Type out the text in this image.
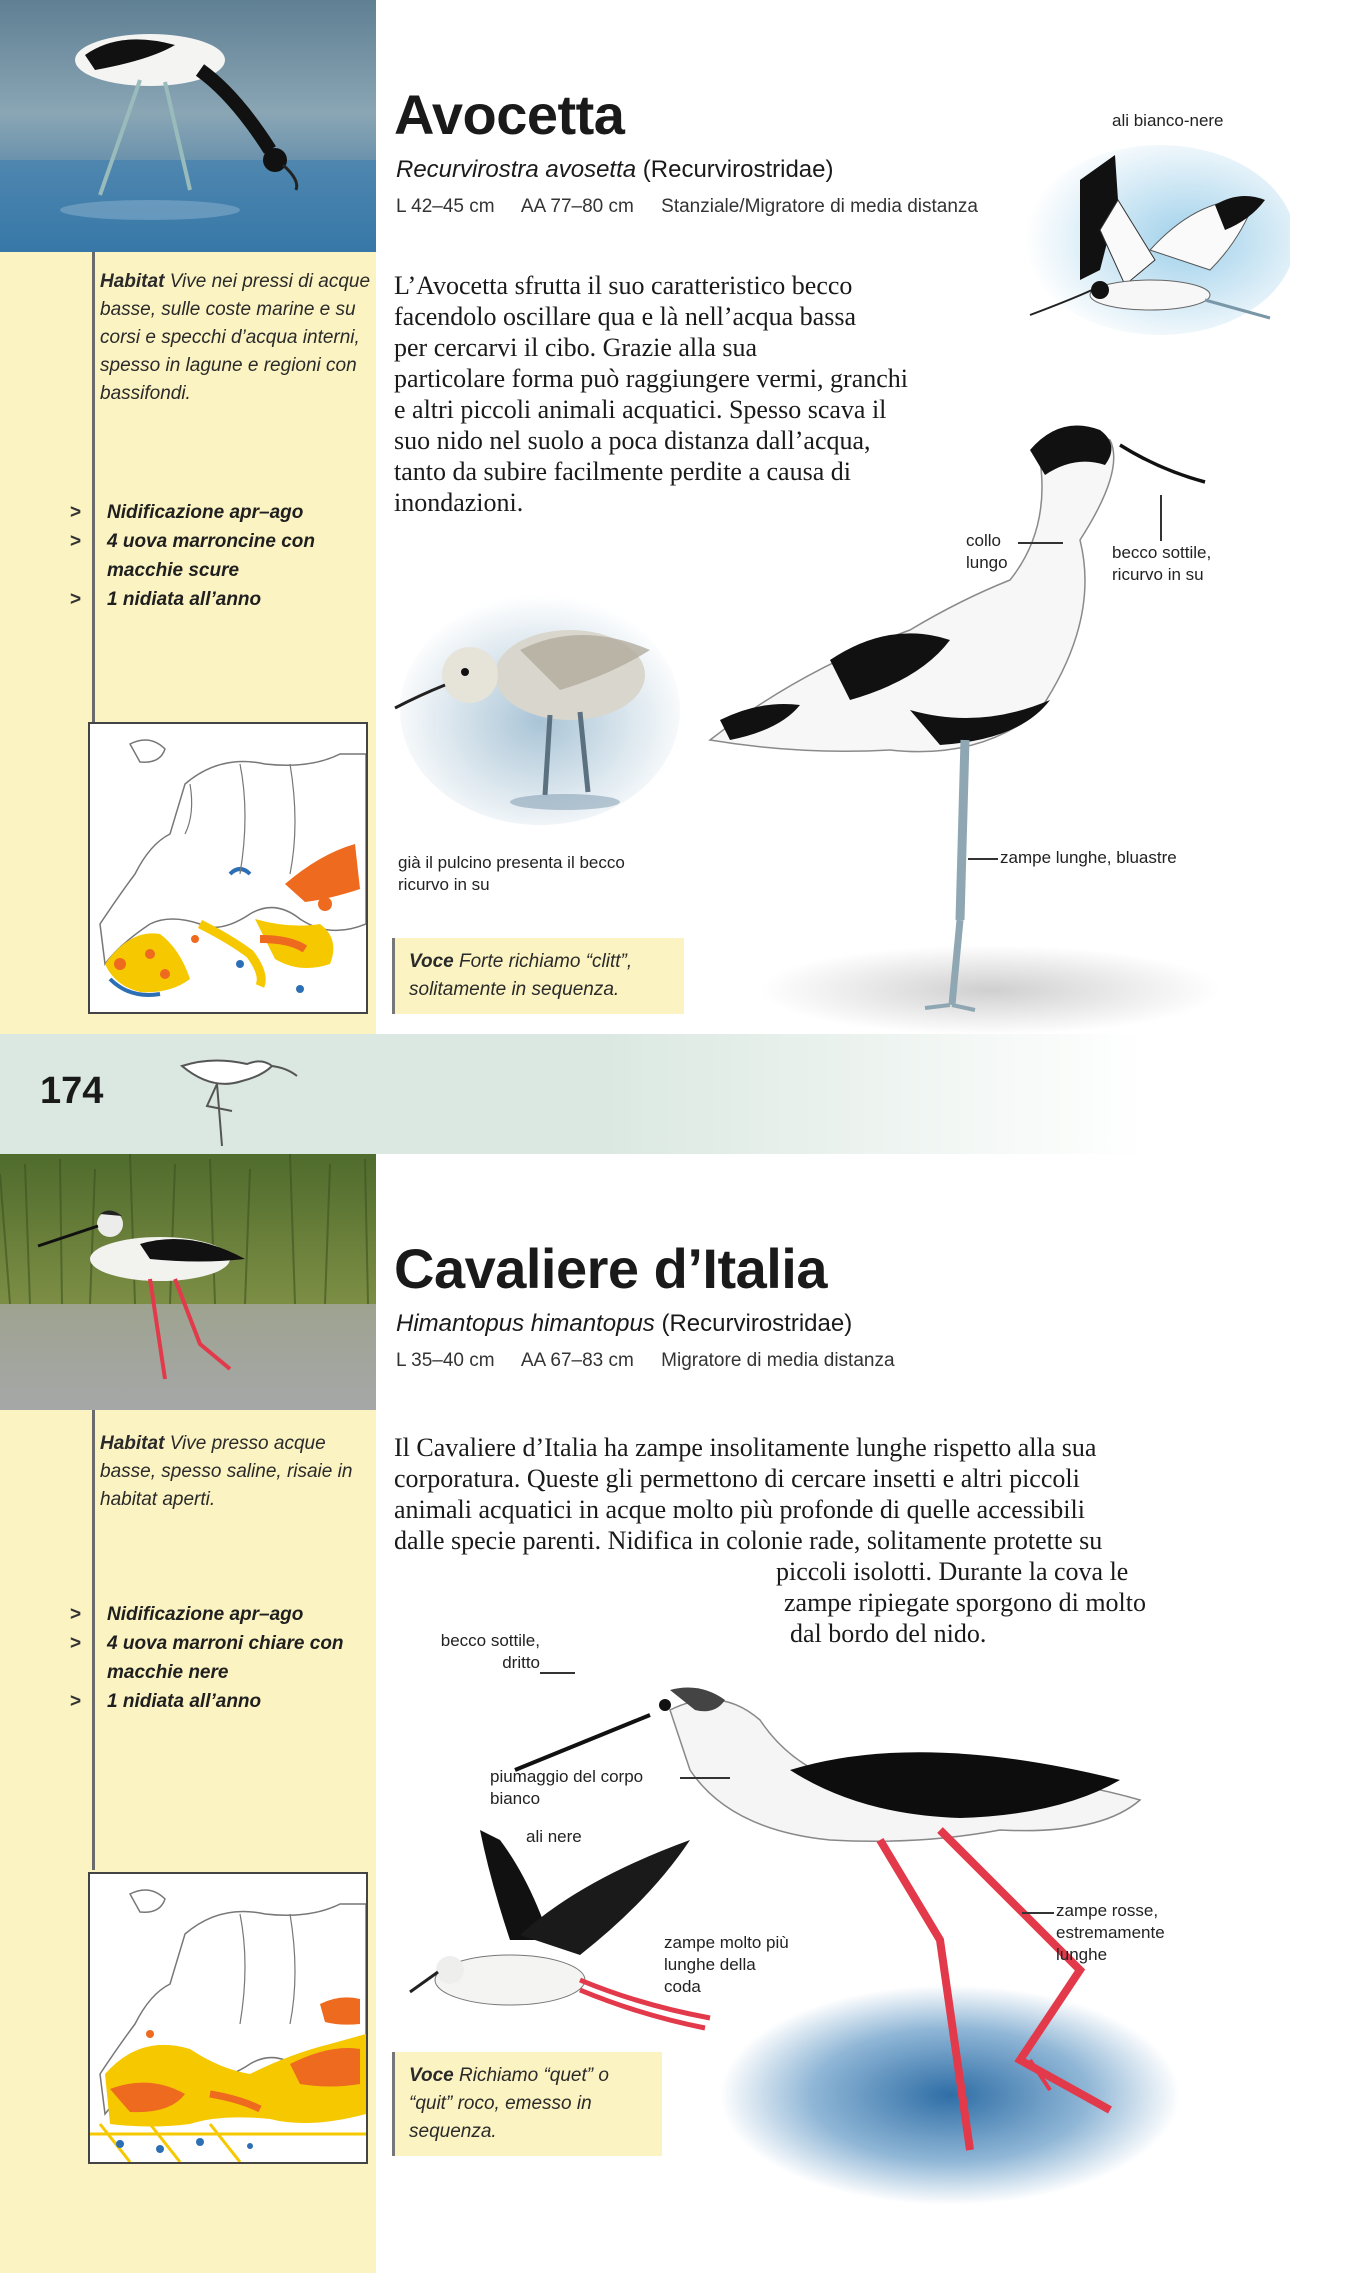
Habitat Vive nei pressi di acque basse, sulle coste marine e su corsi e specchi d’acqua interni, spesso in lagune e regioni con bassifondi.
> Nidificazione apr–ago
> 4 uova marroncine con macchie scure
> 1 nidiata all’anno
Avocetta
Recurvirostra avosetta (Recurvirostridae)
L 42–45 cm AA 77–80 cm Stanziale/Migratore di media distanza
L’Avocetta sfrutta il suo caratteristico becco
facendolo oscillare qua e là nell’acqua bassa
per cercarvi il cibo. Grazie alla sua
particolare forma può raggiungere vermi, granchi
e altri piccoli animali acquatici. Spesso scava il
suo nido nel suolo a poca distanza dall’acqua,
tanto da subire facilmente perdite a causa di
inondazioni.
ali bianco-nere
già il pulcino presenta il becco ricurvo in su
collo lungo
becco sottile, ricurvo in su
zampe lunghe, bluastre
Voce Forte richiamo “clitt”, solitamente in sequenza.
174
Habitat Vive presso acque basse, spesso saline, risaie in habitat aperti.
> Nidificazione apr–ago
> 4 uova marroni chiare con macchie nere
> 1 nidiata all’anno
Cavaliere d’Italia
Himantopus himantopus (Recurvirostridae)
L 35–40 cm AA 67–83 cm Migratore di media distanza
Il Cavaliere d’Italia ha zampe insolitamente lunghe rispetto alla sua
corporatura. Queste gli permettono di cercare insetti e altri piccoli
animali acquatici in acque molto più profonde di quelle accessibili
dalle specie parenti. Nidifica in colonie rade, solitamente protette su
piccoli isolotti. Durante la cova le
zampe ripiegate sporgono di molto
dal bordo del nido.
becco sottile, dritto
piumaggio del corpo bianco
zampe rosse, estremamente lunghe
ali nere
zampe molto più lunghe della coda
Voce Richiamo “quet” o “quit” roco, emesso in sequenza.
